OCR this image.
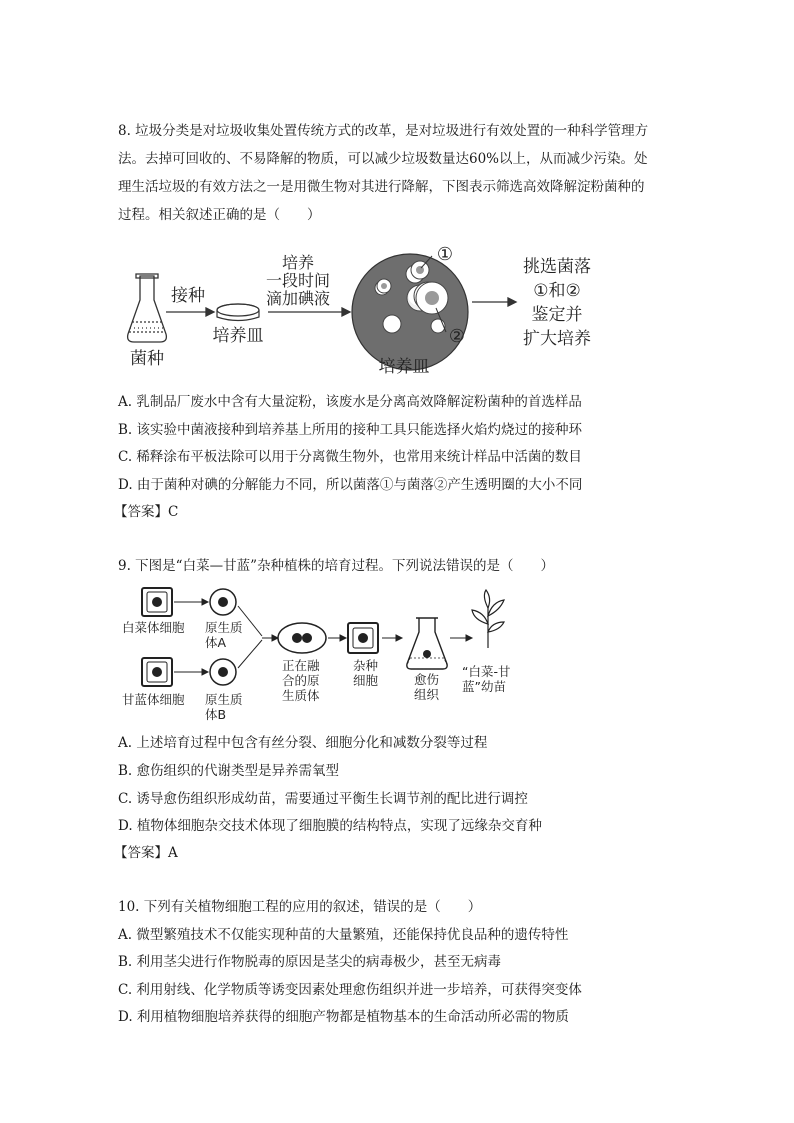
8. 垃圾分类是对垃圾收集处置传统方式的改革，是对垃圾进行有效处置的一种科学管理方
法。去掉可回收的、不易降解的物质，可以减少垃圾数量达60%以上，从而减少污染。处
理生活垃圾的有效方法之一是用微生物对其进行降解，下图表示筛选高效降解淀粉菌种的
过程。相关叙述正确的是（　　）
菌种
接种
培养皿
培养
一段时间
滴加碘液
①
②
培养皿
挑选菌落
①和②
鉴定并
扩大培养
A. 乳制品厂废水中含有大量淀粉，该废水是分离高效降解淀粉菌种的首选样品
B. 该实验中菌液接种到培养基上所用的接种工具只能选择火焰灼烧过的接种环
C. 稀释涂布平板法除可以用于分离微生物外，也常用来统计样品中活菌的数目
D. 由于菌种对碘的分解能力不同，所以菌落①与菌落②产生透明圈的大小不同
【答案】C
9. 下图是“白菜—甘蓝”杂种植株的培育过程。下列说法错误的是（　　）
白菜体细胞 原生质
体A
甘蓝体细胞 原生质
体B
正在融
合的原
生质体
杂种
细胞	愈伤
组织
“白菜-甘
蓝”幼苗
A. 上述培育过程中包含有丝分裂、细胞分化和减数分裂等过程
B. 愈伤组织的代谢类型是异养需氧型
C. 诱导愈伤组织形成幼苗，需要通过平衡生长调节剂的配比进行调控
D. 植物体细胞杂交技术体现了细胞膜的结构特点，实现了远缘杂交育种
【答案】A
10. 下列有关植物细胞工程的应用的叙述，错误的是（　　）
A. 微型繁殖技术不仅能实现种苗的大量繁殖，还能保持优良品种的遗传特性
B. 利用茎尖进行作物脱毒的原因是茎尖的病毒极少，甚至无病毒
C. 利用射线、化学物质等诱变因素处理愈伤组织并进一步培养，可获得突变体
D. 利用植物细胞培养获得的细胞产物都是植物基本的生命活动所必需的物质
